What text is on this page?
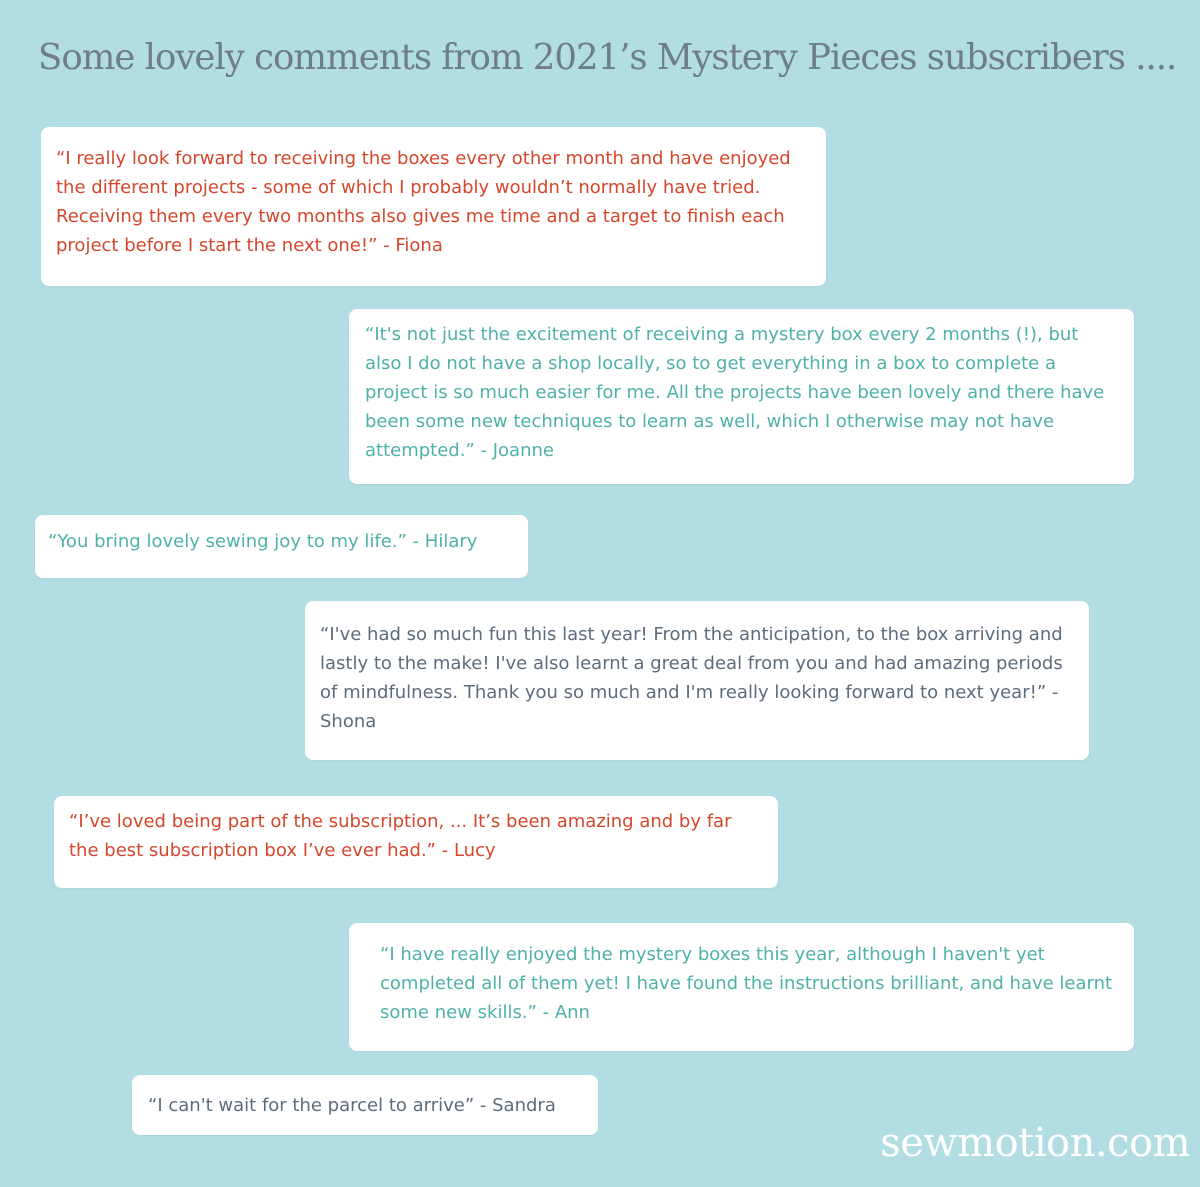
Some lovely comments from 2021’s Mystery Pieces subscribers ....

“I really look forward to receiving the boxes every other month and have enjoyed the different projects - some of which I probably wouldn’t normally have tried. Receiving them every two months also gives me time and a target to finish each project before I start the next one!” - Fiona

“It's not just the excitement of receiving a mystery box every 2 months (!), but also I do not have a shop locally, so to get everything in a box to complete a project is so much easier for me. All the projects have been lovely and there have been some new techniques to learn as well, which I otherwise may not have attempted.” - Joanne

“You bring lovely sewing joy to my life.” - Hilary

“I've had so much fun this last year! From the anticipation, to the box arriving and lastly to the make! I've also learnt a great deal from you and had amazing periods of mindfulness. Thank you so much and I'm really looking forward to next year!” - Shona

“I’ve loved being part of the subscription, ... It’s been amazing and by far the best subscription box I’ve ever had.” - Lucy

“I have really enjoyed the mystery boxes this year, although I haven't yet completed all of them yet! I have found the instructions brilliant, and have learnt some new skills.” - Ann

“I can't wait for the parcel to arrive” - Sandra

sewmotion.com
